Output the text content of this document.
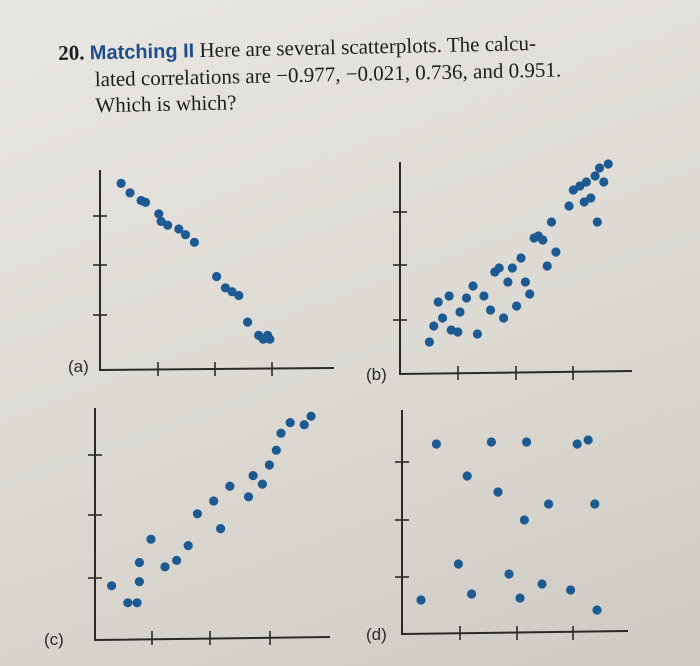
20. Matching II Here are several scatterplots. The calcu-
lated correlations are −0.977, −0.021, 0.736, and 0.951.
Which is which?
(a)	(b)
(c)	(d)
